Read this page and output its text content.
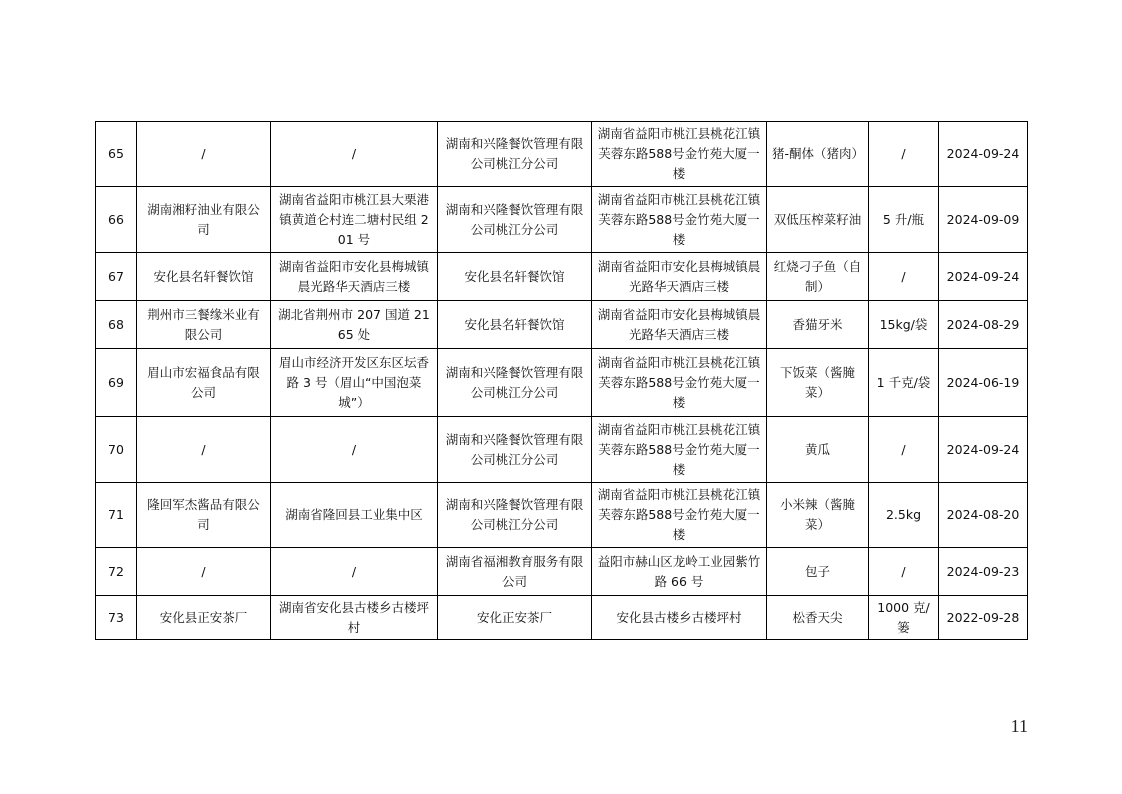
65	/	/	湖南和兴隆餐饮管理有限公司桃江分公司	湖南省益阳市桃江县桃花江镇芙蓉东路588号金竹苑大厦一楼	猪-酮体（猪肉）	/	2024-09-24
66	湖南湘籽油业有限公司	湖南省益阳市桃江县大栗港镇黄道仑村连二塘村民组 201 号	湖南和兴隆餐饮管理有限公司桃江分公司	湖南省益阳市桃江县桃花江镇芙蓉东路588号金竹苑大厦一楼	双低压榨菜籽油	5 升/瓶	2024-09-09
67	安化县名轩餐饮馆	湖南省益阳市安化县梅城镇晨光路华天酒店三楼	安化县名轩餐饮馆	湖南省益阳市安化县梅城镇晨光路华天酒店三楼	红烧刁子鱼（自制）	/	2024-09-24
68	荆州市三餐缘米业有限公司	湖北省荆州市 207 国道 2165 处	安化县名轩餐饮馆	湖南省益阳市安化县梅城镇晨光路华天酒店三楼	香猫牙米	15kg/袋	2024-08-29
69	眉山市宏福食品有限公司	眉山市经济开发区东区坛香路 3 号（眉山“中国泡菜城”）	湖南和兴隆餐饮管理有限公司桃江分公司	湖南省益阳市桃江县桃花江镇芙蓉东路588号金竹苑大厦一楼	下饭菜（酱腌菜）	1 千克/袋	2024-06-19
70	/	/	湖南和兴隆餐饮管理有限公司桃江分公司	湖南省益阳市桃江县桃花江镇芙蓉东路588号金竹苑大厦一楼	黄瓜	/	2024-09-24
71	隆回军杰酱品有限公司	湖南省隆回县工业集中区	湖南和兴隆餐饮管理有限公司桃江分公司	湖南省益阳市桃江县桃花江镇芙蓉东路588号金竹苑大厦一楼	小米辣（酱腌菜）	2.5kg	2024-08-20
72	/	/	湖南省福湘教育服务有限公司	益阳市赫山区龙岭工业园紫竹路 66 号	包子	/	2024-09-23
73	安化县正安茶厂	湖南省安化县古楼乡古楼坪村	安化正安茶厂	安化县古楼乡古楼坪村	松香天尖	1000 克/篓	2022-09-28
11
